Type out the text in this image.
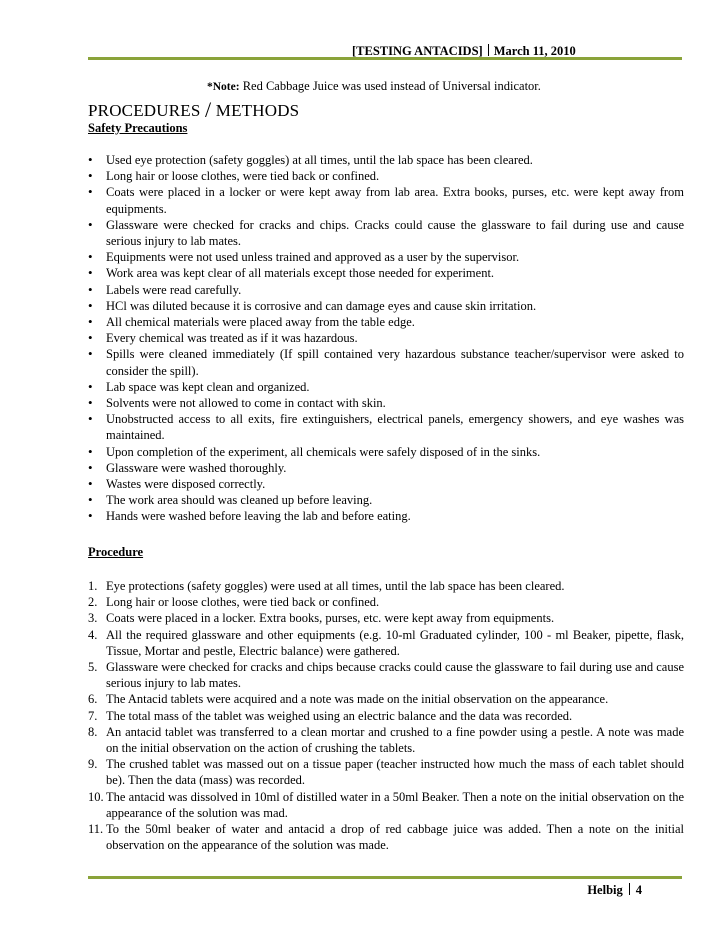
[TESTING ANTACIDS] March 11, 2010
*Note: Red Cabbage Juice was used instead of Universal indicator.
PROCEDURES / METHODS
Safety Precautions
• Used eye protection (safety goggles) at all times, until the lab space has been cleared.
• Long hair or loose clothes, were tied back or confined.
• Coats were placed in a locker or were kept away from lab area. Extra books, purses, etc. were kept away from equipments.
• Glassware were checked for cracks and chips. Cracks could cause the glassware to fail during use and cause serious injury to lab mates.
• Equipments were not used unless trained and approved as a user by the supervisor.
• Work area was kept clear of all materials except those needed for experiment.
• Labels were read carefully.
• HCl was diluted because it is corrosive and can damage eyes and cause skin irritation.
• All chemical materials were placed away from the table edge.
• Every chemical was treated as if it was hazardous.
• Spills were cleaned immediately (If spill contained very hazardous substance teacher/supervisor were asked to consider the spill).
• Lab space was kept clean and organized.
• Solvents were not allowed to come in contact with skin.
• Unobstructed access to all exits, fire extinguishers, electrical panels, emergency showers, and eye washes was maintained.
• Upon completion of the experiment, all chemicals were safely disposed of in the sinks.
• Glassware were washed thoroughly.
• Wastes were disposed correctly.
• The work area should was cleaned up before leaving.
• Hands were washed before leaving the lab and before eating.
Procedure
1. Eye protections (safety goggles) were used at all times, until the lab space has been cleared.
2. Long hair or loose clothes, were tied back or confined.
3. Coats were placed in a locker. Extra books, purses, etc. were kept away from equipments.
4. All the required glassware and other equipments (e.g. 10-ml Graduated cylinder, 100 - ml Beaker, pipette, flask, Tissue, Mortar and pestle, Electric balance) were gathered.
5. Glassware were checked for cracks and chips because cracks could cause the glassware to fail during use and cause serious injury to lab mates.
6. The Antacid tablets were acquired and a note was made on the initial observation on the appearance.
7. The total mass of the tablet was weighed using an electric balance and the data was recorded.
8. An antacid tablet was transferred to a clean mortar and crushed to a fine powder using a pestle. A note was made on the initial observation on the action of crushing the tablets.
9. The crushed tablet was massed out on a tissue paper (teacher instructed how much the mass of each tablet should be). Then the data (mass) was recorded.
10. The antacid was dissolved in 10ml of distilled water in a 50ml Beaker. Then a note on the initial observation on the appearance of the solution was mad.
11. To the 50ml beaker of water and antacid a drop of red cabbage juice was added. Then a note on the initial observation on the appearance of the solution was made.
Helbig 4
